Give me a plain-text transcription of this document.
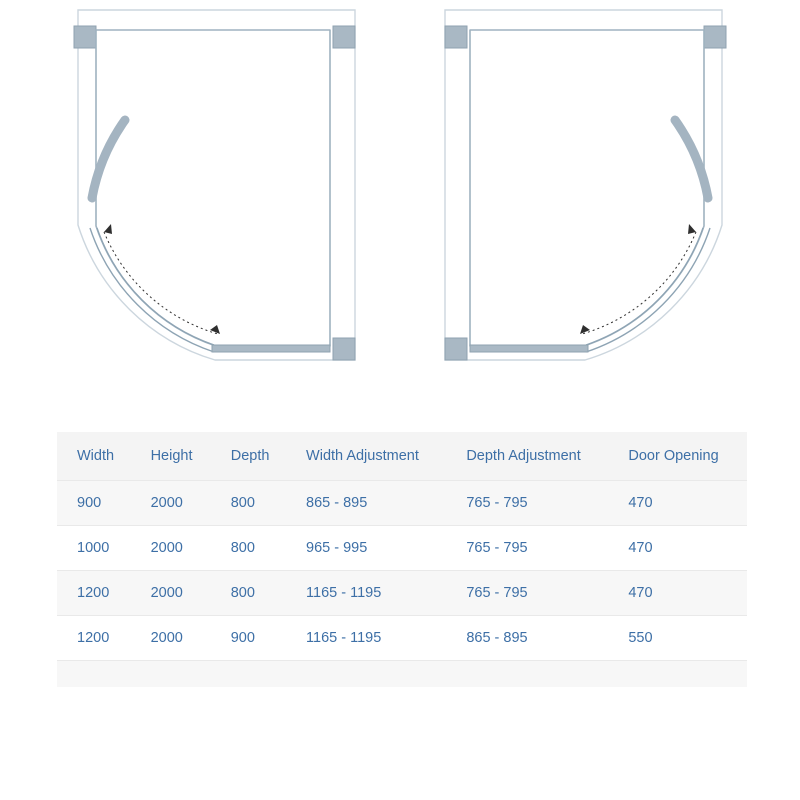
Width	Height	Depth	Width Adjustment	Depth Adjustment	Door Opening
900	2000	800	865 - 895	765 - 795	470
1000	2000	800	965 - 995	765 - 795	470
1200	2000	800	1165 - 1195	765 - 795	470
1200	2000	900	1165 - 1195	865 - 895	550
